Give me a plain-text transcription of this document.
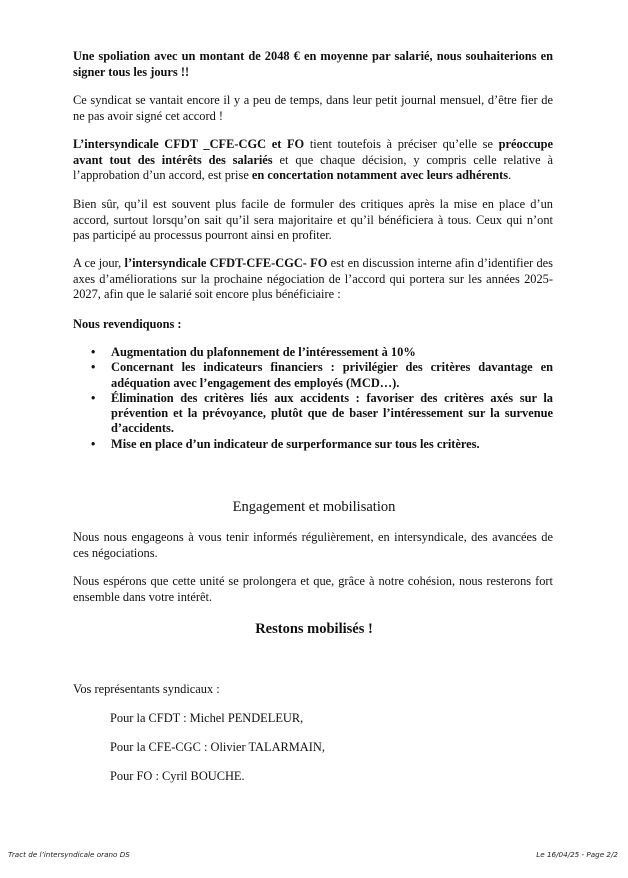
Une spoliation avec un montant de 2048 € en moyenne par salarié, nous souhaiterions en signer tous les jours !!

Ce syndicat se vantait encore il y a peu de temps, dans leur petit journal mensuel, d’être fier de ne pas avoir signé cet accord !

L’intersyndicale CFDT _CFE-CGC et FO tient toutefois à préciser qu’elle se préoccupe avant tout des intérêts des salariés et que chaque décision, y compris celle relative à l’approbation d’un accord, est prise en concertation notamment avec leurs adhérents.

Bien sûr, qu’il est souvent plus facile de formuler des critiques après la mise en place d’un accord, surtout lorsqu’on sait qu’il sera majoritaire et qu’il bénéficiera à tous. Ceux qui n’ont pas participé au processus pourront ainsi en profiter.

A ce jour, l’intersyndicale CFDT-CFE-CGC- FO est en discussion interne afin d’identifier des axes d’améliorations sur la prochaine négociation de l’accord qui portera sur les années 2025-2027, afin que le salarié soit encore plus bénéficiaire :

Nous revendiquons :

• Augmentation du plafonnement de l’intéressement à 10%
• Concernant les indicateurs financiers : privilégier des critères davantage en adéquation avec l’engagement des employés (MCD…).
• Élimination des critères liés aux accidents : favoriser des critères axés sur la prévention et la prévoyance, plutôt que de baser l’intéressement sur la survenue d’accidents.
• Mise en place d’un indicateur de surperformance sur tous les critères.
Engagement et mobilisation

Nous nous engageons à vous tenir informés régulièrement, en intersyndicale, des avancées de ces négociations.

Nous espérons que cette unité se prolongera et que, grâce à notre cohésion, nous resterons fort ensemble dans votre intérêt.

Restons mobilisés !
Vos représentants syndicaux :
Pour la CFDT : Michel PENDELEUR,
Pour la CFE-CGC : Olivier TALARMAIN,
Pour FO : Cyril BOUCHE.
Tract de l’intersyndicale orano DS	Le 16/04/25 - Page 2/2
